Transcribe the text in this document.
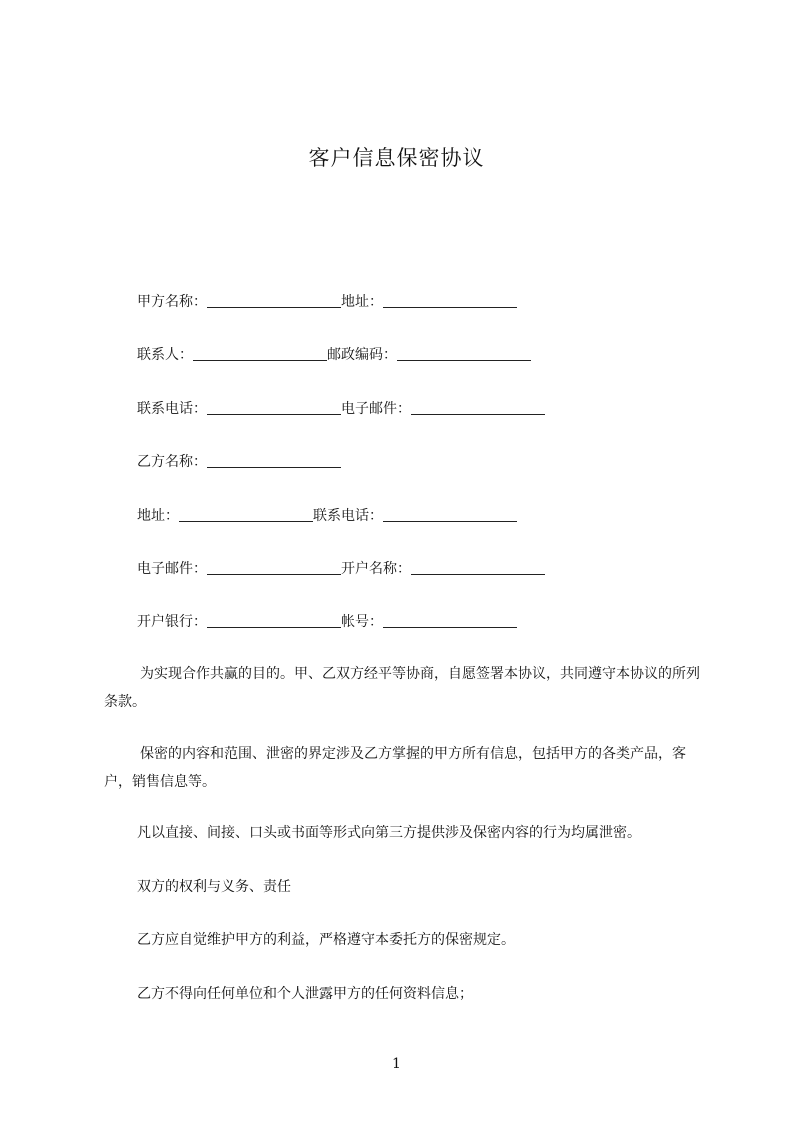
客户信息保密协议
甲方名称：	地址：
联系人：	邮政编码：
联系电话：	电子邮件：
乙方名称：
地址：	联系电话：
电子邮件：	开户名称：
开户银行：	帐号：
为实现合作共赢的目的。甲、乙双方经平等协商，自愿签署本协议，共同遵守本协议的所列条款。
保密的内容和范围、泄密的界定涉及乙方掌握的甲方所有信息，包括甲方的各类产品，客户，销售信息等。
凡以直接、间接、口头或书面等形式向第三方提供涉及保密内容的行为均属泄密。
双方的权利与义务、责任
乙方应自觉维护甲方的利益，严格遵守本委托方的保密规定。
乙方不得向任何单位和个人泄露甲方的任何资料信息；
1
